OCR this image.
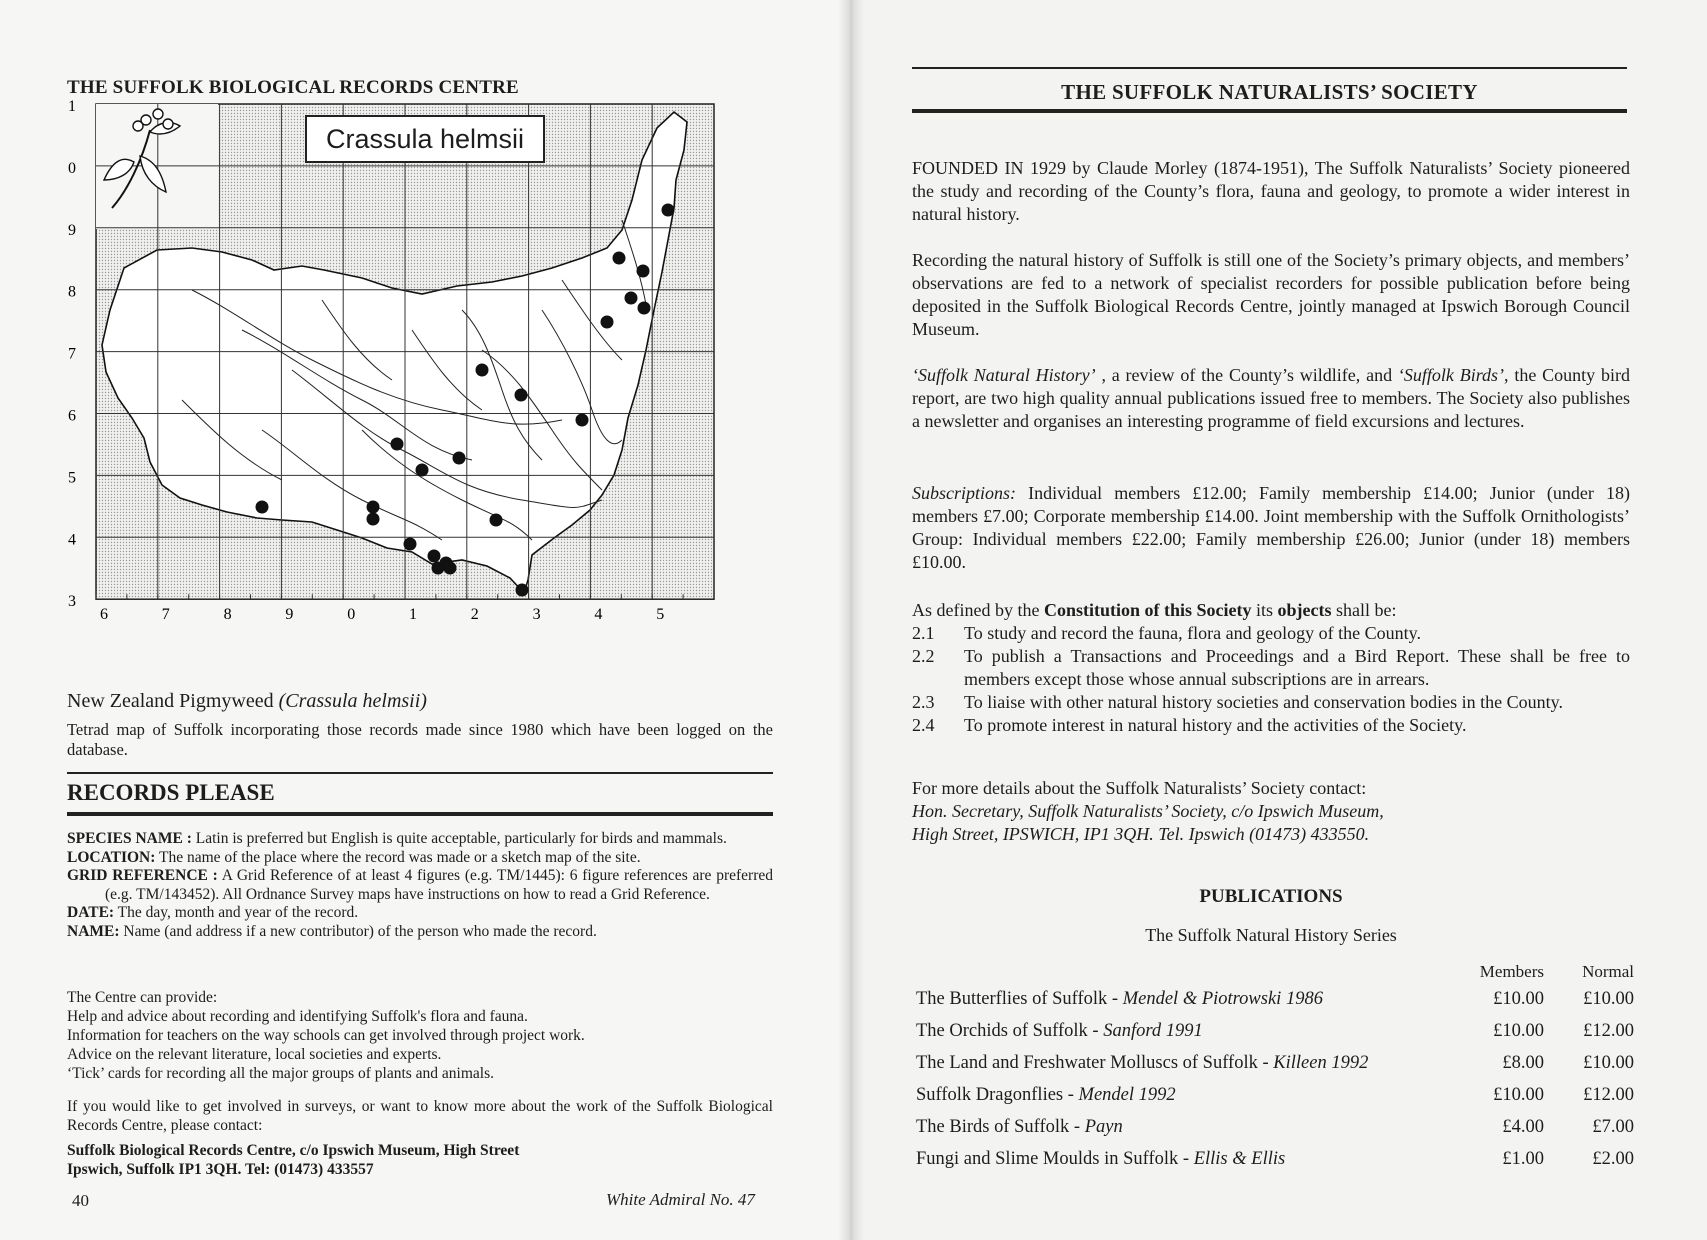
THE SUFFOLK BIOLOGICAL RECORDS CENTRE
1
0
9
8
7
6
5
4
3
6	7	8	9	0	1	2	3	4	5
Crassula helmsii
New Zealand Pigmyweed (Crassula helmsii)
Tetrad map of Suffolk incorporating those records made since 1980 which have been logged on the database.
RECORDS PLEASE
SPECIES NAME : Latin is preferred but English is quite acceptable, particularly for birds and mammals.
LOCATION: The name of the place where the record was made or a sketch map of the site.
GRID REFERENCE : A Grid Reference of at least 4 figures (e.g. TM/1445): 6 figure references are preferred (e.g. TM/143452). All Ordnance Survey maps have instructions on how to read a Grid Reference.
DATE: The day, month and year of the record.
NAME: Name (and address if a new contributor) of the person who made the record.
The Centre can provide:
Help and advice about recording and identifying Suffolk's flora and fauna.
Information for teachers on the way schools can get involved through project work.
Advice on the relevant literature, local societies and experts.
‘Tick’ cards for recording all the major groups of plants and animals.
If you would like to get involved in surveys, or want to know more about the work of the Suffolk Biological Records Centre, please contact:
Suffolk Biological Records Centre, c/o Ipswich Museum, High Street
Ipswich, Suffolk IP1 3QH. Tel: (01473) 433557
40	White Admiral No. 47
THE SUFFOLK NATURALISTS’ SOCIETY
FOUNDED IN 1929 by Claude Morley (1874-1951), The Suffolk Naturalists’ Society pioneered the study and recording of the County’s flora, fauna and geology, to promote a wider interest in natural history.
Recording the natural history of Suffolk is still one of the Society’s primary objects, and members’ observations are fed to a network of specialist recorders for possible publication before being deposited in the Suffolk Biological Records Centre, jointly managed at Ipswich Borough Council Museum.
‘Suffolk Natural History’ , a review of the County’s wildlife, and ‘Suffolk Birds’, the County bird report, are two high quality annual publications issued free to members. The Society also publishes a newsletter and organises an interesting programme of field excursions and lectures.
Subscriptions: Individual members £12.00; Family membership £14.00; Junior (under 18) members £7.00; Corporate membership £14.00. Joint membership with the Suffolk Ornithologists’ Group: Individual members £22.00; Family membership £26.00; Junior (under 18) members £10.00.
As defined by the Constitution of this Society its objects shall be:
2.1	To study and record the fauna, flora and geology of the County.
2.2	To publish a Transactions and Proceedings and a Bird Report. These shall be free to members except those whose annual subscriptions are in arrears.
2.3	To liaise with other natural history societies and conservation bodies in the County.
2.4	To promote interest in natural history and the activities of the Society.
For more details about the Suffolk Naturalists’ Society contact:
Hon. Secretary, Suffolk Naturalists’ Society, c/o Ipswich Museum,
High Street, IPSWICH, IP1 3QH. Tel. Ipswich (01473) 433550.
PUBLICATIONS
The Suffolk Natural History Series
	Members	Normal
The Butterflies of Suffolk - Mendel & Piotrowski 1986	£10.00	£10.00
The Orchids of Suffolk - Sanford 1991	£10.00	£12.00
The Land and Freshwater Molluscs of Suffolk - Killeen 1992	£8.00	£10.00
Suffolk Dragonflies - Mendel 1992	£10.00	£12.00
The Birds of Suffolk - Payn	£4.00	£7.00
Fungi and Slime Moulds in Suffolk - Ellis & Ellis	£1.00	£2.00
